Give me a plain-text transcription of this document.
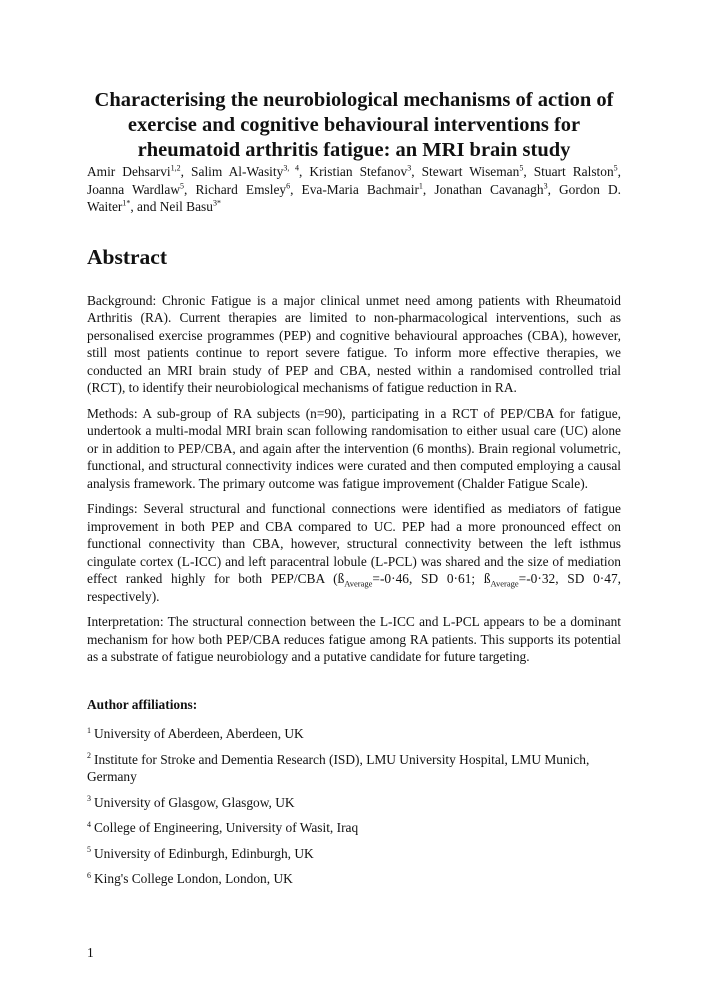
Characterising the neurobiological mechanisms of action of exercise and cognitive behavioural interventions for rheumatoid arthritis fatigue: an MRI brain study

Amir Dehsarvi$^{1,2}$, Salim Al-Wasity$^{3, 4}$, Kristian Stefanov$^3$, Stewart Wiseman$^5$, Stuart Ralston$^5$, Joanna Wardlaw$^5$, Richard Emsley$^6$, Eva-Maria Bachmair$^1$, Jonathan Cavanagh$^3$, Gordon D. Waiter$^{1*}$, and Neil Basu$^{3*}$

Abstract

Background: Chronic Fatigue is a major clinical unmet need among patients with Rheumatoid Arthritis (RA). Current therapies are limited to non-pharmacological interventions, such as personalised exercise programmes (PEP) and cognitive behavioural approaches (CBA), however, still most patients continue to report severe fatigue. To inform more effective therapies, we conducted an MRI brain study of PEP and CBA, nested within a randomised controlled trial (RCT), to identify their neurobiological mechanisms of fatigue reduction in RA.

Methods: A sub-group of RA subjects (n=90), participating in a RCT of PEP/CBA for fatigue, undertook a multi-modal MRI brain scan following randomisation to either usual care (UC) alone or in addition to PEP/CBA, and again after the intervention (6 months). Brain regional volumetric, functional, and structural connectivity indices were curated and then computed employing a causal analysis framework. The primary outcome was fatigue improvement (Chalder Fatigue Scale).

Findings: Several structural and functional connections were identified as mediators of fatigue improvement in both PEP and CBA compared to UC. PEP had a more pronounced effect on functional connectivity than CBA, however, structural connectivity between the left isthmus cingulate cortex (L-ICC) and left paracentral lobule (L-PCL) was shared and the size of mediation effect ranked highly for both PEP/CBA ($ß_{Average}=-0\cdot 46$, SD 0·61; $ß_{Average}=-0\cdot 32$, SD 0·47, respectively).

Interpretation: The structural connection between the L-ICC and L-PCL appears to be a dominant mechanism for how both PEP/CBA reduces fatigue among RA patients. This supports its potential as a substrate of fatigue neurobiology and a putative candidate for future targeting.

Author affiliations:
$^1$ University of Aberdeen, Aberdeen, UK
$^2$ Institute for Stroke and Dementia Research (ISD), LMU University Hospital, LMU Munich, Germany
$^3$ University of Glasgow, Glasgow, UK
$^4$ College of Engineering, University of Wasit, Iraq
$^5$ University of Edinburgh, Edinburgh, UK
$^6$ King's College London, London, UK
1
